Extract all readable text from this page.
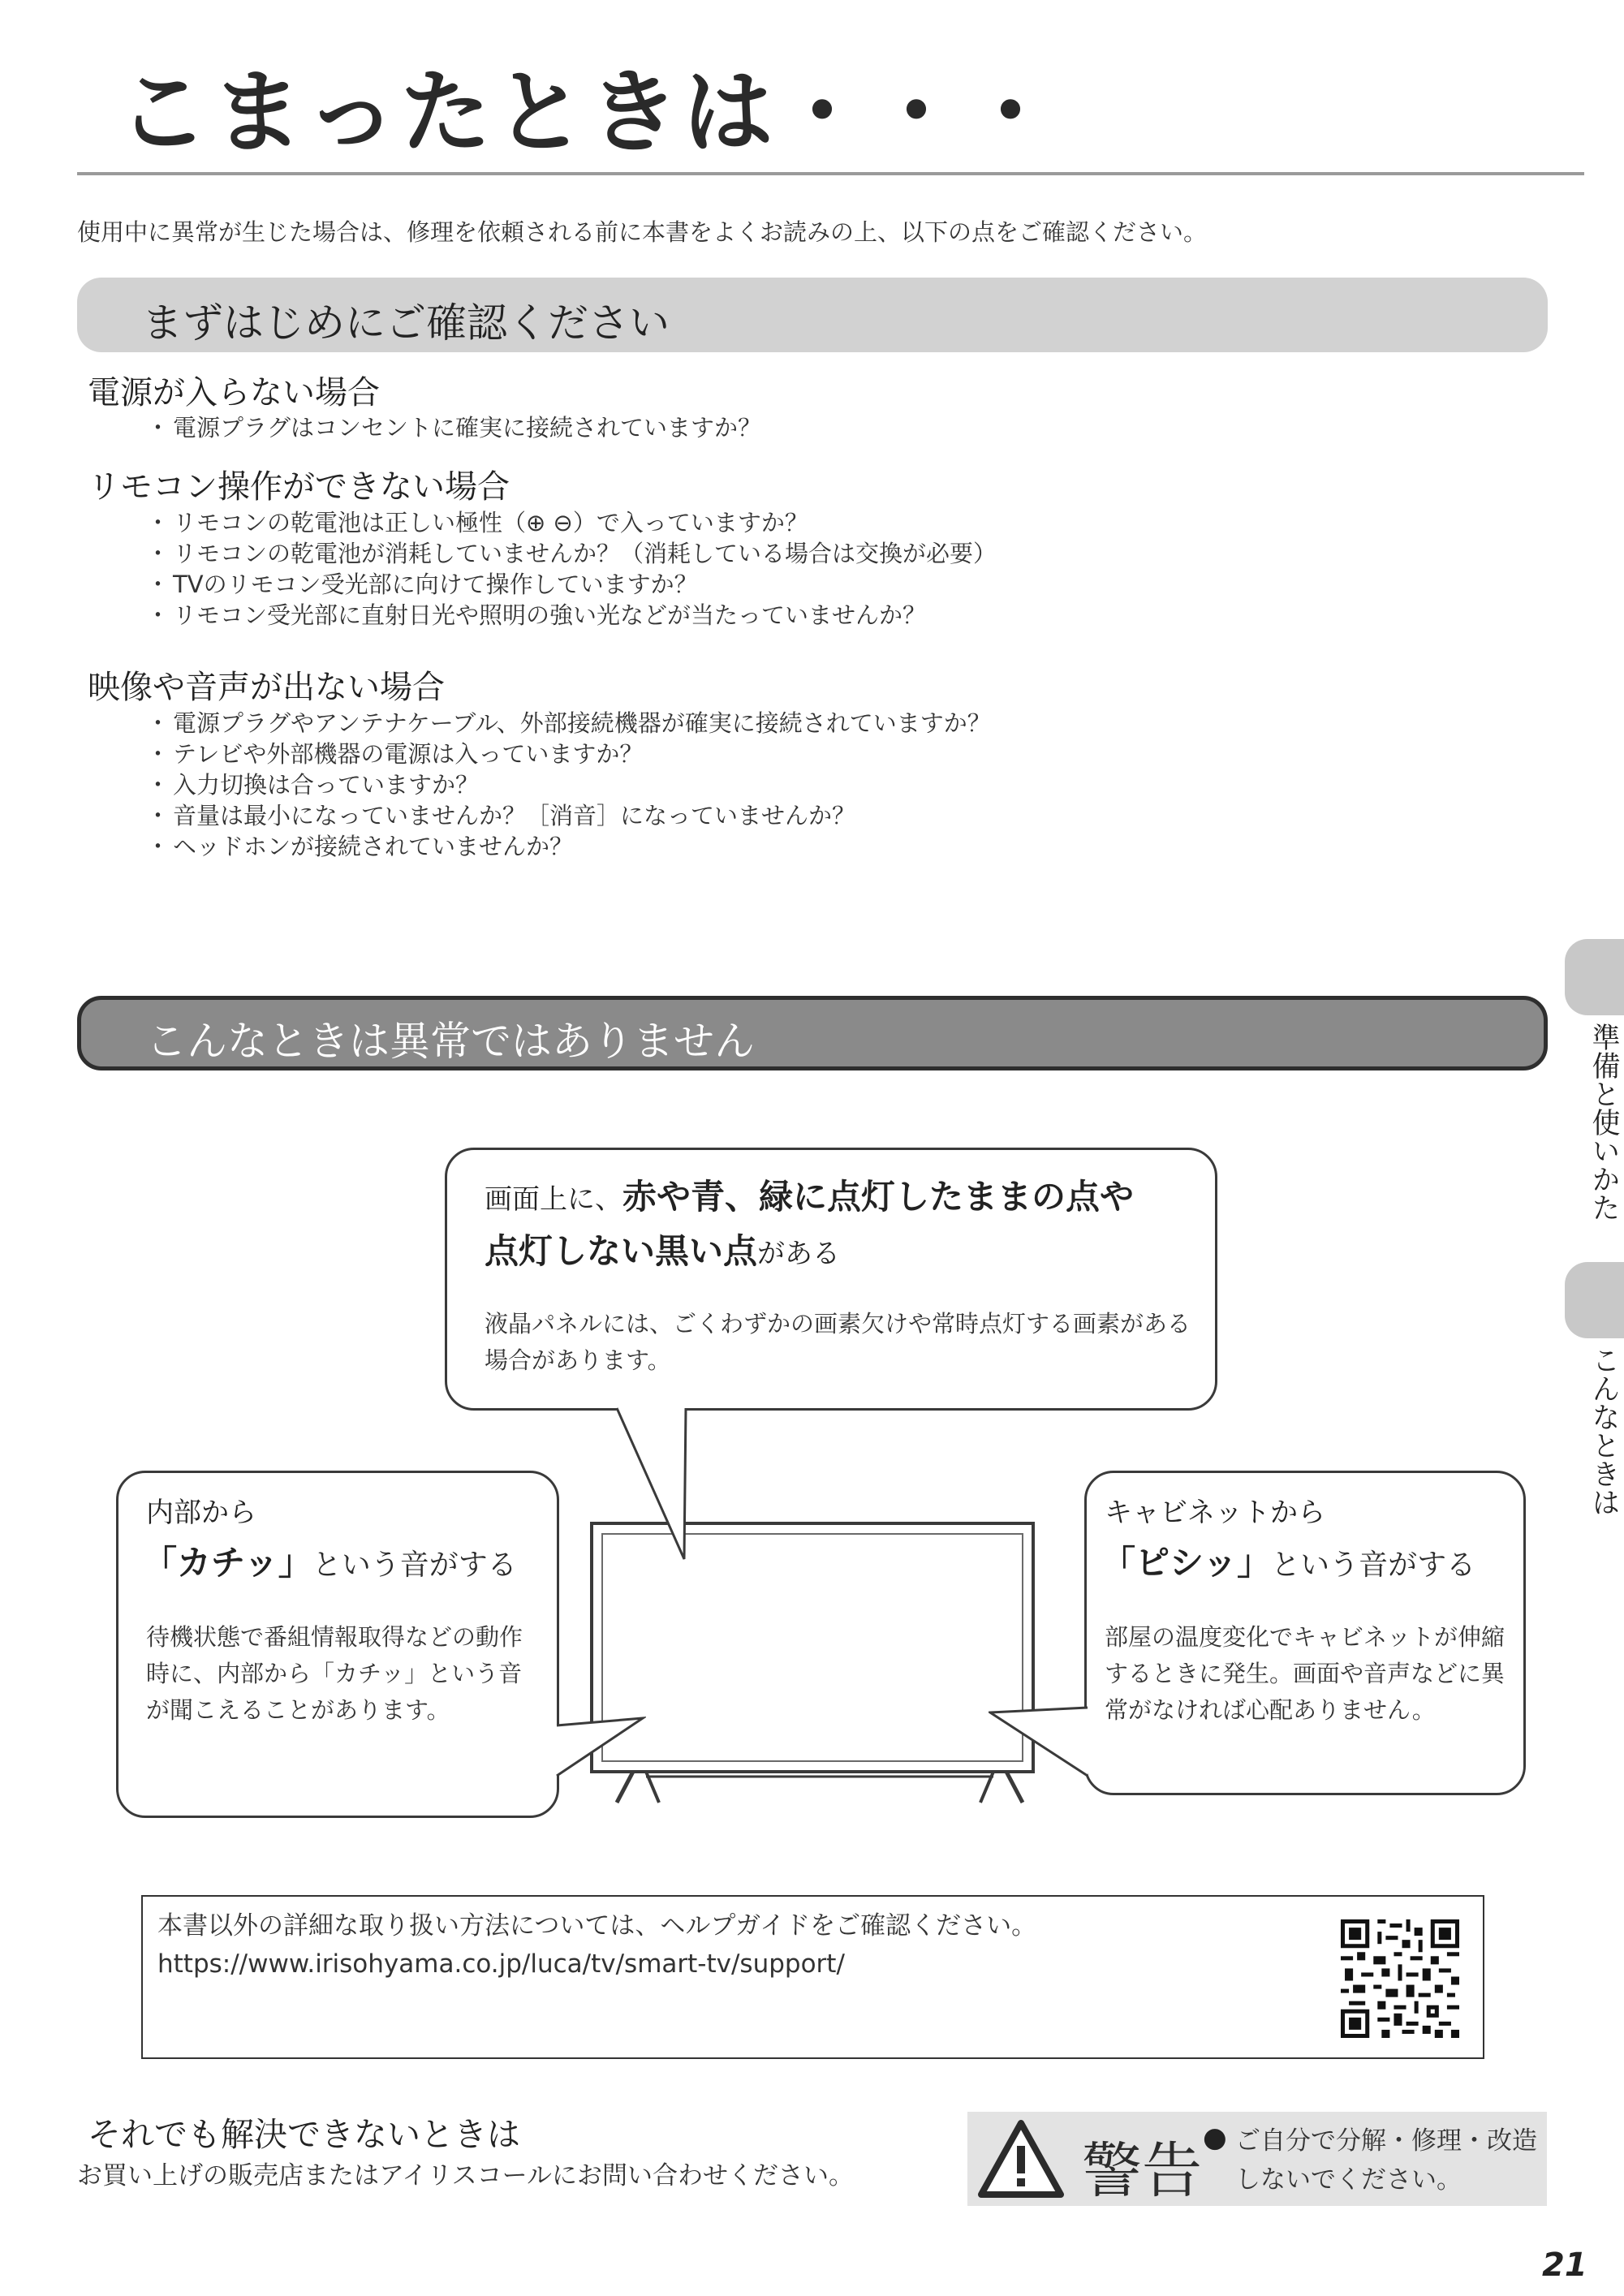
こまったときは・・・
使用中に異常が生じた場合は、修理を依頼される前に本書をよくお読みの上、以下の点をご確認ください。
まずはじめにご確認ください
電源が入らない場合
・ 電源プラグはコンセントに確実に接続されていますか？
リモコン操作ができない場合
・ リモコンの乾電池は正しい極性（⊕ ⊖）で入っていますか？
・ リモコンの乾電池が消耗していませんか？（消耗している場合は交換が必要）
・ TVのリモコン受光部に向けて操作していますか？
・ リモコン受光部に直射日光や照明の強い光などが当たっていませんか？
映像や音声が出ない場合
・ 電源プラグやアンテナケーブル、外部接続機器が確実に接続されていますか？
・ テレビや外部機器の電源は入っていますか？
・ 入力切換は合っていますか？
・ 音量は最小になっていませんか？［消音］になっていませんか？
・ ヘッドホンが接続されていませんか？
こんなときは異常ではありません
画面上に、赤や青、緑に点灯したままの点や
点灯しない黒い点がある
液晶パネルには、ごくわずかの画素欠けや常時点灯する画素がある場合があります。
内部から
「カチッ」という音がする
待機状態で番組情報取得などの動作時に、内部から「カチッ」という音が聞こえることがあります。
キャビネットから
「ピシッ」という音がする
部屋の温度変化でキャビネットが伸縮するときに発生。画面や音声などに異常がなければ心配ありません。
本書以外の詳細な取り扱い方法については、ヘルプガイドをご確認ください。
https://www.irisohyama.co.jp/luca/tv/smart-tv/support/
それでも解決できないときは
お買い上げの販売店またはアイリスコールにお問い合わせください。	警告 ● ご自分で分解・修理・改造しないでください。
準備と使いかた
こんなときは
21
